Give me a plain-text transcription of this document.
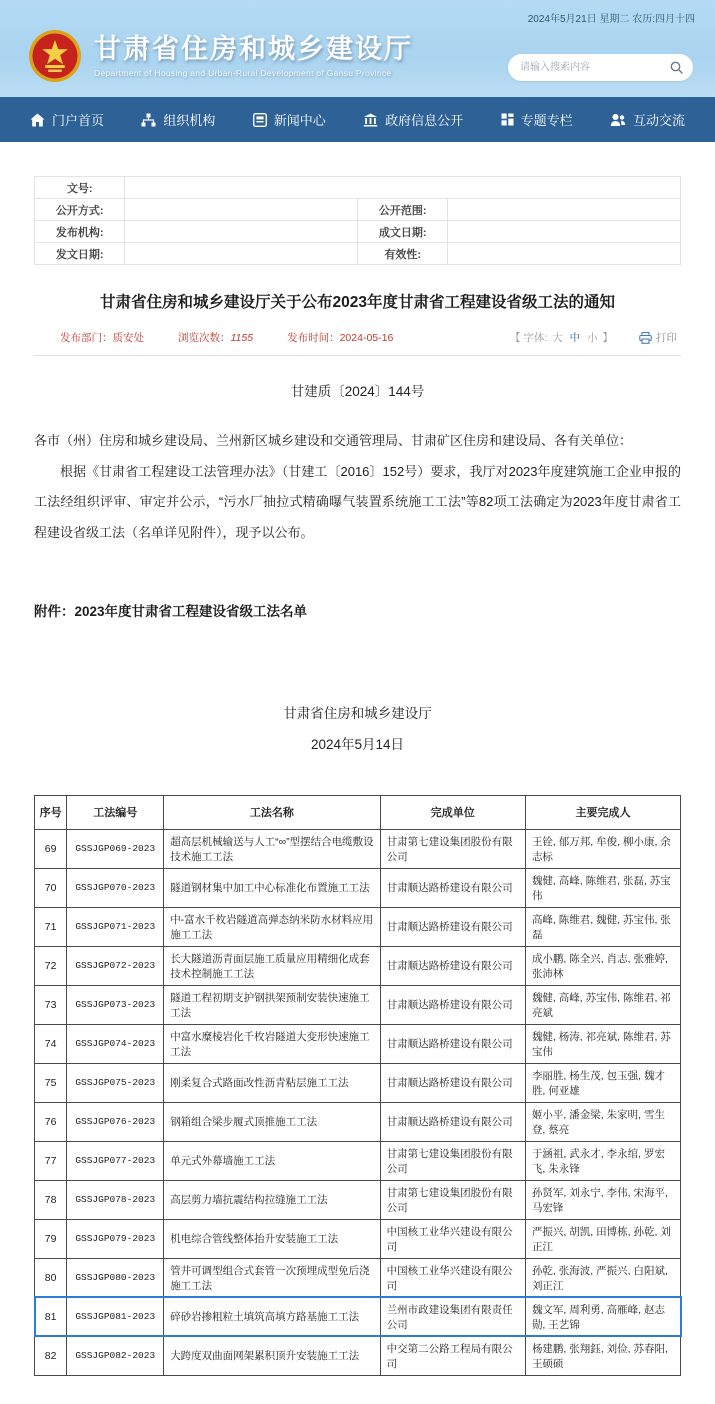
2024年5月21日 星期二 农历:四月十四
甘肃省住房和城乡建设厅
Department of Housing and Urban-Rural Development of Gansu Province
请输入搜索内容
门户首页	组织机构	新闻中心	政府信息公开	专题专栏	互动交流
文号:			
公开方式:		公开范围:	
发布机构:		成文日期:	
发文日期:		有效性:	
甘肃省住房和城乡建设厅关于公布2023年度甘肃省工程建设省级工法的通知
发布部门：质安处	浏览次数：1155	发布时间：2024-05-16	【 字体: 大 中 小 】	打印
甘建质〔2024〕144号

各市（州）住房和城乡建设局、兰州新区城乡建设和交通管理局、甘肃矿区住房和建设局、各有关单位：

根据《甘肃省工程建设工法管理办法》（甘建工〔2016〕152号）要求，我厅对2023年度建筑施工企业申报的工法经组织评审、审定并公示，“污水厂抽拉式精确曝气装置系统施工工法”等82项工法确定为2023年度甘肃省工程建设省级工法（名单详见附件），现予以公布。

附件：2023年度甘肃省工程建设省级工法名单
甘肃省住房和城乡建设厅
2024年5月14日
序号	工法编号	工法名称	完成单位	主要完成人
69	GSSJGP069-2023	超高层机械输送与人工“∞”型摆结合电缆敷设技术施工工法	甘肃第七建设集团股份有限公司	王铨, 郁万邦, 牟俊, 柳小康, 余志标
70	GSSJGP070-2023	隧道钢材集中加工中心标准化布置施工工法	甘肃顺达路桥建设有限公司	魏健, 高峰, 陈维君, 张磊, 苏宝伟
71	GSSJGP071-2023	中-富水千枚岩隧道高弹态纳米防水材料应用施工工法	甘肃顺达路桥建设有限公司	高峰, 陈维君, 魏健, 苏宝伟, 张磊
72	GSSJGP072-2023	长大隧道沥青面层施工质量应用精细化成套技术控制施工工法	甘肃顺达路桥建设有限公司	成小鹏, 陈全兴, 肖志, 张雅婷, 张沛林
73	GSSJGP073-2023	隧道工程初期支护钢拱架预制安装快速施工工法	甘肃顺达路桥建设有限公司	魏健, 高峰, 苏宝伟, 陈维君, 祁亮斌
74	GSSJGP074-2023	中富水糜棱岩化千枚岩隧道大变形快速施工工法	甘肃顺达路桥建设有限公司	魏健, 杨涛, 祁亮斌, 陈维君, 苏宝伟
75	GSSJGP075-2023	刚柔复合式路面改性沥青粘层施工工法	甘肃顺达路桥建设有限公司	李丽胜, 杨生茂, 包玉强, 魏才胜, 何亚雄
76	GSSJGP076-2023	钢箱组合梁步履式顶推施工工法	甘肃顺达路桥建设有限公司	姬小平, 潘金梁, 朱家明, 雪生登, 蔡亮
77	GSSJGP077-2023	单元式外幕墙施工工法	甘肃第七建设集团股份有限公司	于涵祖, 武永才, 李永绾, 罗宏飞, 朱永锋
78	GSSJGP078-2023	高层剪力墙抗震结构拉缝施工工法	甘肃第七建设集团股份有限公司	孙贤军, 刘永宁, 李伟, 宋海平, 马宏锋
79	GSSJGP079-2023	机电综合管线整体抬升安装施工工法	中国核工业华兴建设有限公司	严振兴, 胡凯, 田博栋, 孙乾, 刘正江
80	GSSJGP080-2023	管井可调型组合式套管一次预埋成型免后浇施工工法	中国核工业华兴建设有限公司	孙乾, 张海波, 严振兴, 白阳斌, 刘正江
81	GSSJGP081-2023	碎砂岩掺粗粒土填筑高填方路基施工工法	兰州市政建设集团有限责任公司	魏文军, 周利勇, 高雁峰, 赵志勋, 王艺锦
82	GSSJGP082-2023	大跨度双曲面网架累积顶升安装施工工法	中交第二公路工程局有限公司	杨建鹏, 张翔鈺, 刘俭, 苏春阳, 王硕硕
